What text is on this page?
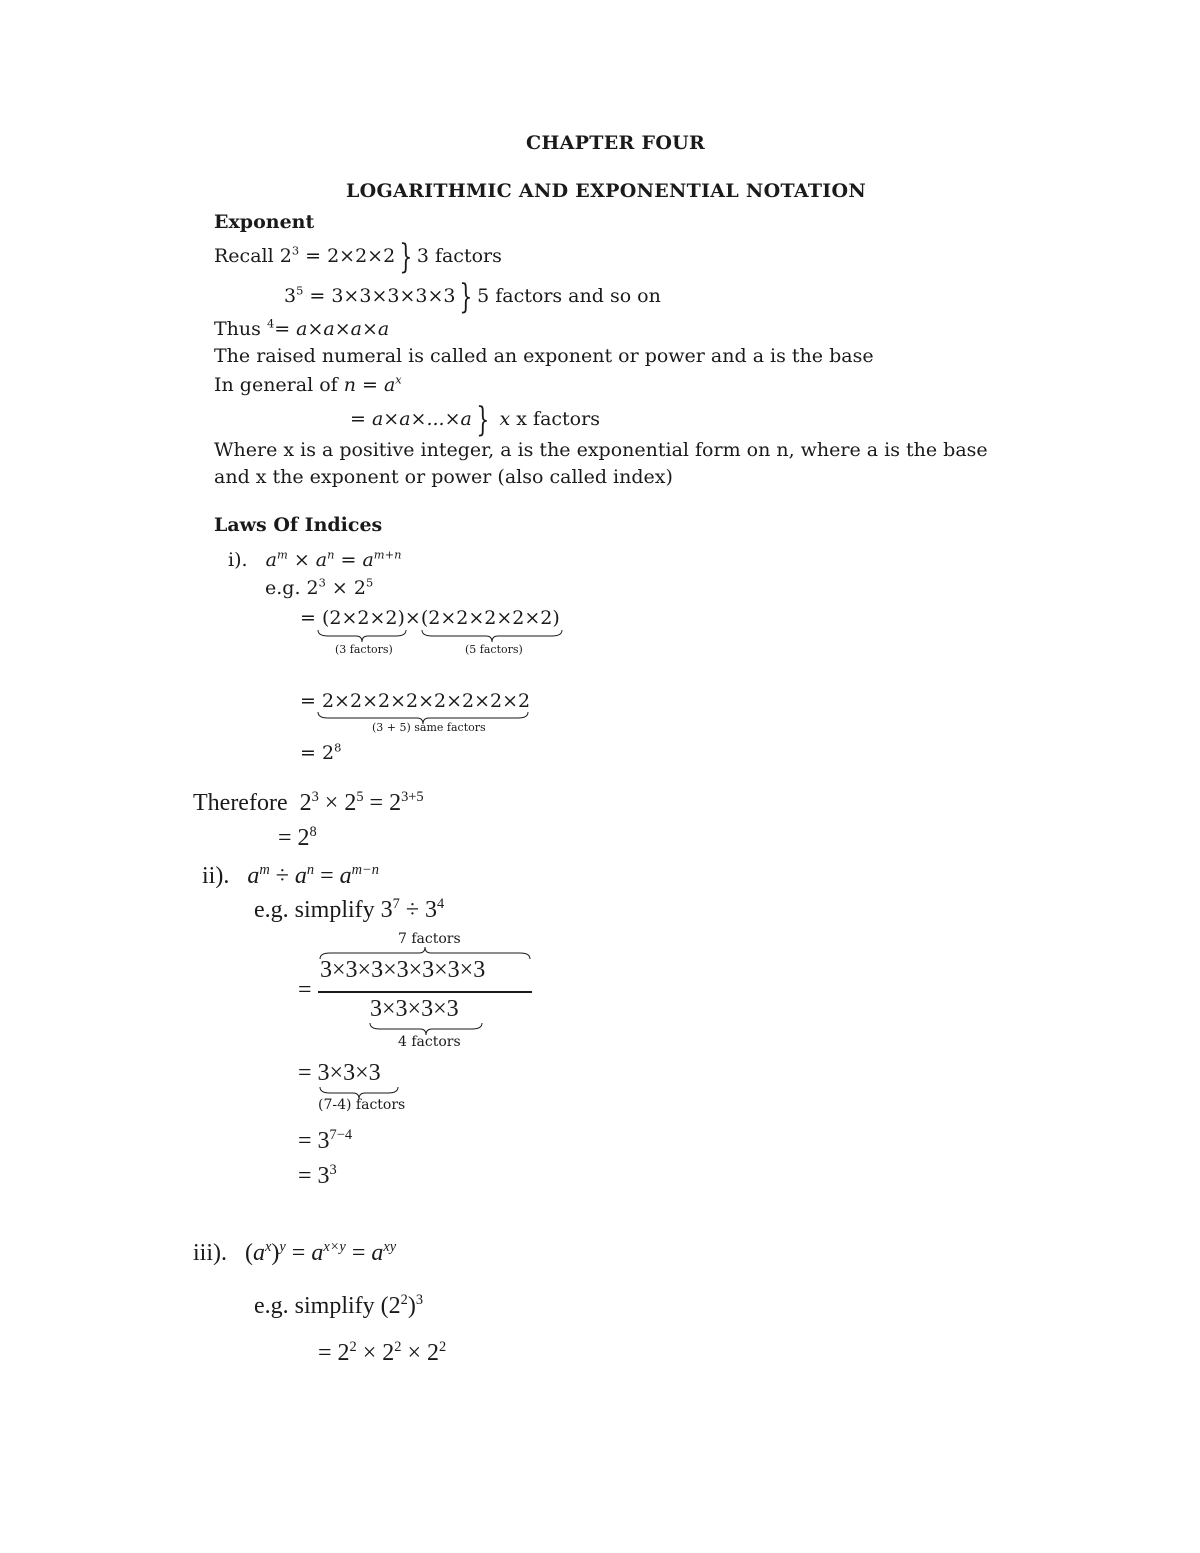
CHAPTER FOUR
LOGARITHMIC AND EXPONENTIAL NOTATION
Exponent
Recall $2^3 = 2\times 2\times 2$ } 3 factors
$3^5 = 3\times 3\times 3\times 3\times 3$ } 5 factors and so on
Thus $^4$= a×a×a×a
The raised numeral is called an exponent or power and a is the base
In general of $n = a^x$
= a×a×...×a } x x factors
Where x is a positive integer, a is the exponential form on n, where a is the base
and x the exponent or power (also called index)
Laws Of Indices
i). $a^m \times a^n = a^{m+n}$
e.g. $2^3 \times 2^5$
= (2×2×2)×(2×2×2×2×2)
(3 factors)	(5 factors)
= 2×2×2×2×2×2×2×2
(3 + 5) same factors
= $2^8$
Therefore  $2^3 \times 2^5 = 2^{3+5}$
= $2^8$
ii). $a^m \div a^n = a^{m-n}$
e.g. simplify $3^7 \div 3^4$
7 factors
=
3×3×3×3×3×3×3
3×3×3×3
4 factors
= 3×3×3
(7-4) factors
= $3^{7-4}$
= $3^3$
iii).   $(a^x)^y = a^{x\times y} = a^{xy}$
e.g. simplify $(2^2)^3$
= $2^2 \times 2^2 \times 2^2$
